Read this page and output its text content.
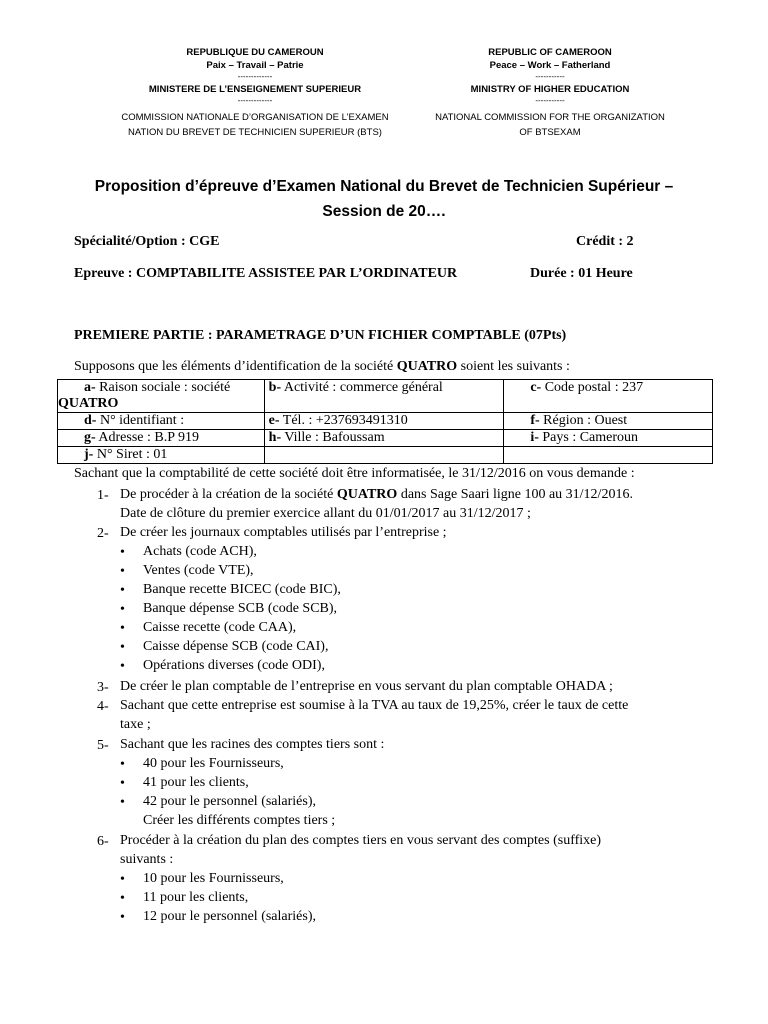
REPUBLIQUE DU CAMEROUN
Paix – Travail – Patrie
-------------
MINISTERE DE L’ENSEIGNEMENT SUPERIEUR
-------------
COMMISSION NATIONALE D’ORGANISATION DE L’EXAMEN
NATION DU BREVET DE TECHNICIEN SUPERIEUR (BTS)
REPUBLIC OF CAMEROON
Peace – Work – Fatherland
-----------
MINISTRY OF HIGHER EDUCATION
-----------
NATIONAL COMMISSION FOR THE ORGANIZATION
OF BTSEXAM
Proposition d’épreuve d’Examen National du Brevet de Technicien Supérieur –
Session de 20….
Spécialité/Option : CGE	Crédit : 2
Epreuve : COMPTABILITE ASSISTEE PAR L’ORDINATEUR	Durée : 01 Heure
PREMIERE PARTIE : PARAMETRAGE D’UN FICHIER COMPTABLE (07Pts)
Supposons que les éléments d’identification de la société QUATRO soient les suivants :
a- Raison sociale : société
QUATRO	b- Activité : commerce général	c- Code postal : 237
d- N° identifiant :	e- Tél. : +237693491310	f- Région : Ouest
g- Adresse : B.P 919	h- Ville : Bafoussam	i- Pays : Cameroun
j- N° Siret : 01		
Sachant que la comptabilité de cette société doit être informatisée, le 31/12/2016 on vous demande :
1- De procéder à la création de la société QUATRO dans Sage Saari ligne 100 au 31/12/2016.
Date de clôture du premier exercice allant du 01/01/2017 au 31/12/2017 ;
2- De créer les journaux comptables utilisés par l’entreprise ;
• Achats (code ACH),
• Ventes (code VTE),
• Banque recette BICEC (code BIC),
• Banque dépense SCB (code SCB),
• Caisse recette (code CAA),
• Caisse dépense SCB (code CAI),
• Opérations diverses (code ODI),
3- De créer le plan comptable de l’entreprise en vous servant du plan comptable OHADA ;
4- Sachant que cette entreprise est soumise à la TVA au taux de 19,25%, créer le taux de cette
taxe ;
5- Sachant que les racines des comptes tiers sont :
• 40 pour les Fournisseurs,
• 41 pour les clients,
• 42 pour le personnel (salariés),
Créer les différents comptes tiers ;
6- Procéder à la création du plan des comptes tiers en vous servant des comptes (suffixe)
suivants :
• 10 pour les Fournisseurs,
• 11 pour les clients,
• 12 pour le personnel (salariés),
